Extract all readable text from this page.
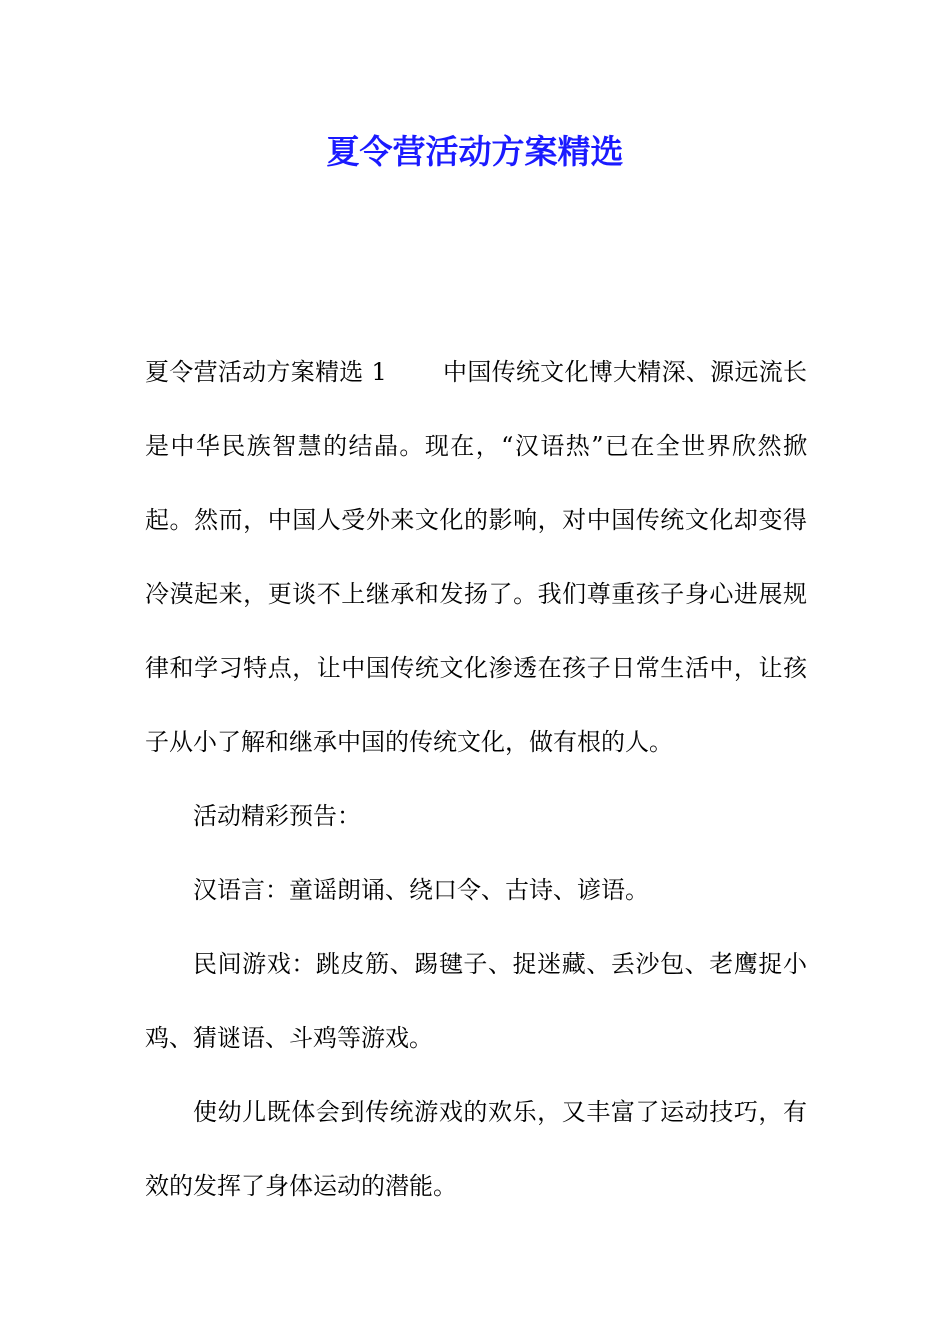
夏令营活动方案精选

夏令营活动方案精选 1 中国传统文化博大精深、源远流长是中华民族智慧的结晶。现在，“汉语热”已在全世界欣然掀起。然而，中国人受外来文化的影响，对中国传统文化却变得冷漠起来，更谈不上继承和发扬了。我们尊重孩子身心进展规律和学习特点，让中国传统文化渗透在孩子日常生活中，让孩子从小了解和继承中国的传统文化，做有根的人。

活动精彩预告：

汉语言：童谣朗诵、绕口令、古诗、谚语。

民间游戏：跳皮筋、踢毽子、捉迷藏、丢沙包、老鹰捉小鸡、猜谜语、斗鸡等游戏。

使幼儿既体会到传统游戏的欢乐，又丰富了运动技巧，有效的发挥了身体运动的潜能。
